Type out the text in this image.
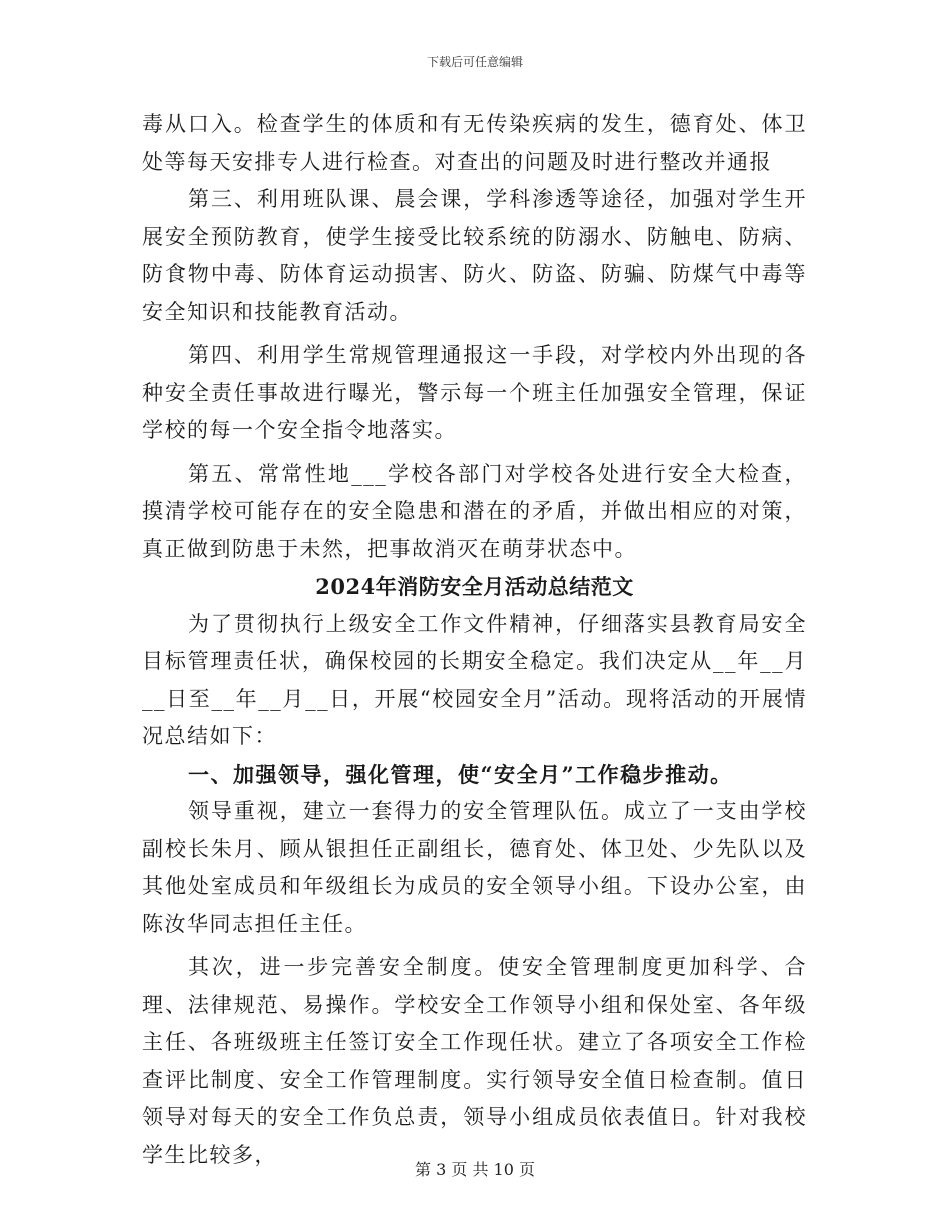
下载后可任意编辑

毒从口入。检查学生的体质和有无传染疾病的发生，德育处、体卫处等每天安排专人进行检查。对查出的问题及时进行整改并通报

第三、利用班队课、晨会课，学科渗透等途径，加强对学生开展安全预防教育，使学生接受比较系统的防溺水、防触电、防病、防食物中毒、防体育运动损害、防火、防盗、防骗、防煤气中毒等安全知识和技能教育活动。

第四、利用学生常规管理通报这一手段，对学校内外出现的各种安全责任事故进行曝光，警示每一个班主任加强安全管理，保证学校的每一个安全指令地落实。

第五、常常性地___学校各部门对学校各处进行安全大检查，摸清学校可能存在的安全隐患和潜在的矛盾，并做出相应的对策，真正做到防患于未然，把事故消灭在萌芽状态中。

2024年消防安全月活动总结范文

为了贯彻执行上级安全工作文件精神，仔细落实县教育局安全目标管理责任状，确保校园的长期安全稳定。我们决定从__年__月__日至__年__月__日，开展“校园安全月”活动。现将活动的开展情况总结如下：

一、加强领导，强化管理，使“安全月”工作稳步推动。

领导重视，建立一套得力的安全管理队伍。成立了一支由学校副校长朱月、顾从银担任正副组长，德育处、体卫处、少先队以及其他处室成员和年级组长为成员的安全领导小组。下设办公室，由陈汝华同志担任主任。

其次，进一步完善安全制度。使安全管理制度更加科学、合理、法律规范、易操作。学校安全工作领导小组和保处室、各年级主任、各班级班主任签订安全工作现任状。建立了各项安全工作检查评比制度、安全工作管理制度。实行领导安全值日检查制。值日领导对每天的安全工作负总责，领导小组成员依表值日。针对我校学生比较多，

第 3 页 共 10 页
